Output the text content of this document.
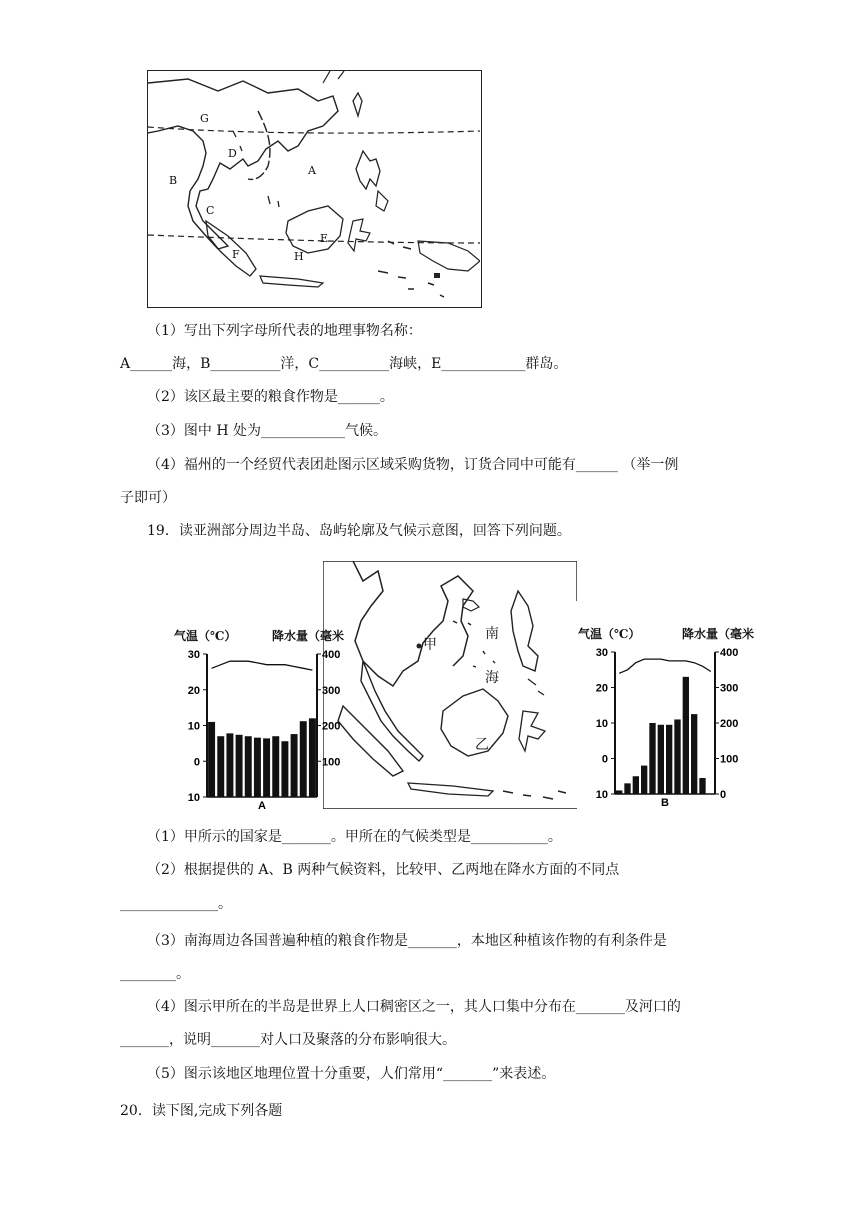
G
D
A
B
C
E
F	H
（1）写出下列字母所代表的地理事物名称：
A______海，B__________洋，C__________海峡，E____________群岛。
（2）该区最主要的粮食作物是______。
（3）图中 H 处为____________气候。
（4）福州的一个经贸代表团赴图示区域采购货物，订货合同中可能有______ （举一例
子即可）
19．读亚洲部分周边半岛、岛屿轮廓及气候示意图，回答下列问题。
甲
南
海
乙
气温（℃）	降水量（毫米
30
20
10
0
10
400
300
200
100
A
气温（℃）	降水量（毫米
30
20
10
0
10
400
300
200
100
0
B
（1）甲所示的国家是_______。甲所在的气候类型是___________。
（2）根据提供的 A、B 两种气候资料，比较甲、乙两地在降水方面的不同点
______________。
（3）南海周边各国普遍种植的粮食作物是_______，本地区种植该作物的有利条件是
________。
（4）图示甲所在的半岛是世界上人口稠密区之一，其人口集中分布在_______及河口的
_______，说明_______对人口及聚落的分布影响很大。
（5）图示该地区地理位置十分重要，人们常用“_______”来表述。
20．读下图,完成下列各题
